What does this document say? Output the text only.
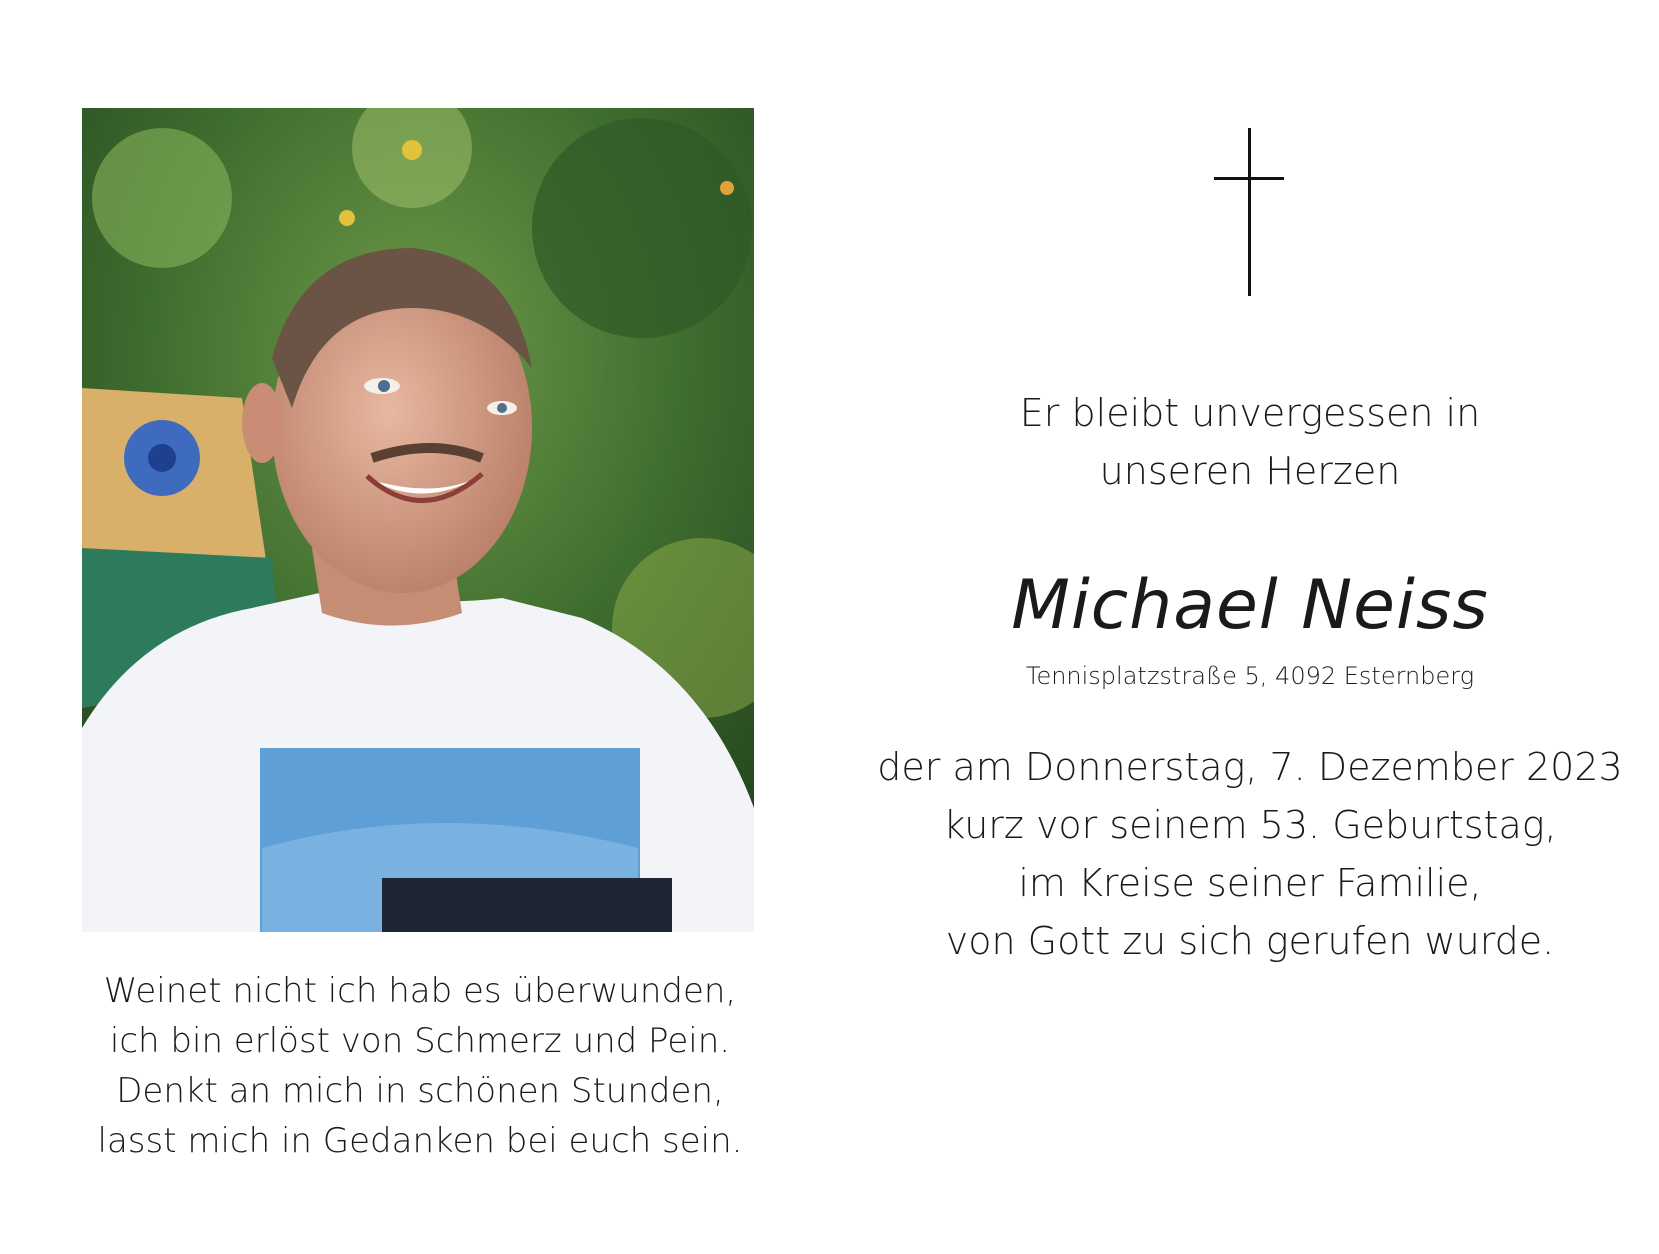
Weinet nicht ich hab es überwunden,
ich bin erlöst von Schmerz und Pein.
Denkt an mich in schönen Stunden,
lasst mich in Gedanken bei euch sein.
Er bleibt unvergessen in
unseren Herzen
Michael Neiss
Tennisplatzstraße 5, 4092 Esternberg
der am Donnerstag, 7. Dezember 2023
kurz vor seinem 53. Geburtstag,
im Kreise seiner Familie,
von Gott zu sich gerufen wurde.
